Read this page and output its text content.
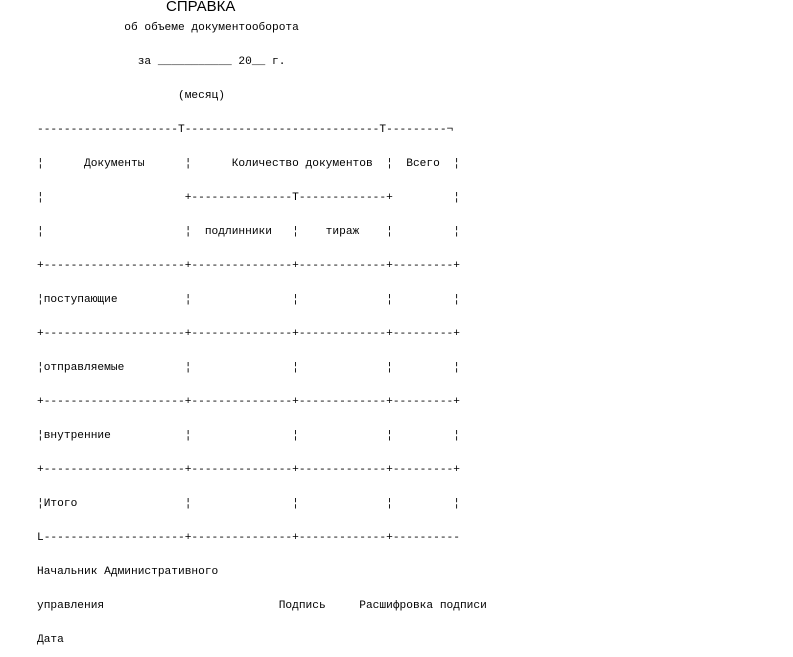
СПРАВКА
об объеме документооборота
за ___________ 20__ г.
(месяц)
---------------------T-----------------------------T---------¬
¦      Документы      ¦      Количество документов  ¦  Всего  ¦
¦                     +---------------T-------------+         ¦
¦                     ¦  подлинники   ¦    тираж    ¦         ¦
+---------------------+---------------+-------------+---------+
¦поступающие          ¦               ¦             ¦         ¦
+---------------------+---------------+-------------+---------+
¦отправляемые         ¦               ¦             ¦         ¦
+---------------------+---------------+-------------+---------+
¦внутренние           ¦               ¦             ¦         ¦
+---------------------+---------------+-------------+---------+
¦Итого                ¦               ¦             ¦         ¦
L---------------------+---------------+-------------+----------
Начальник Административного
управления                          Подпись     Расшифровка подписи
Дата
